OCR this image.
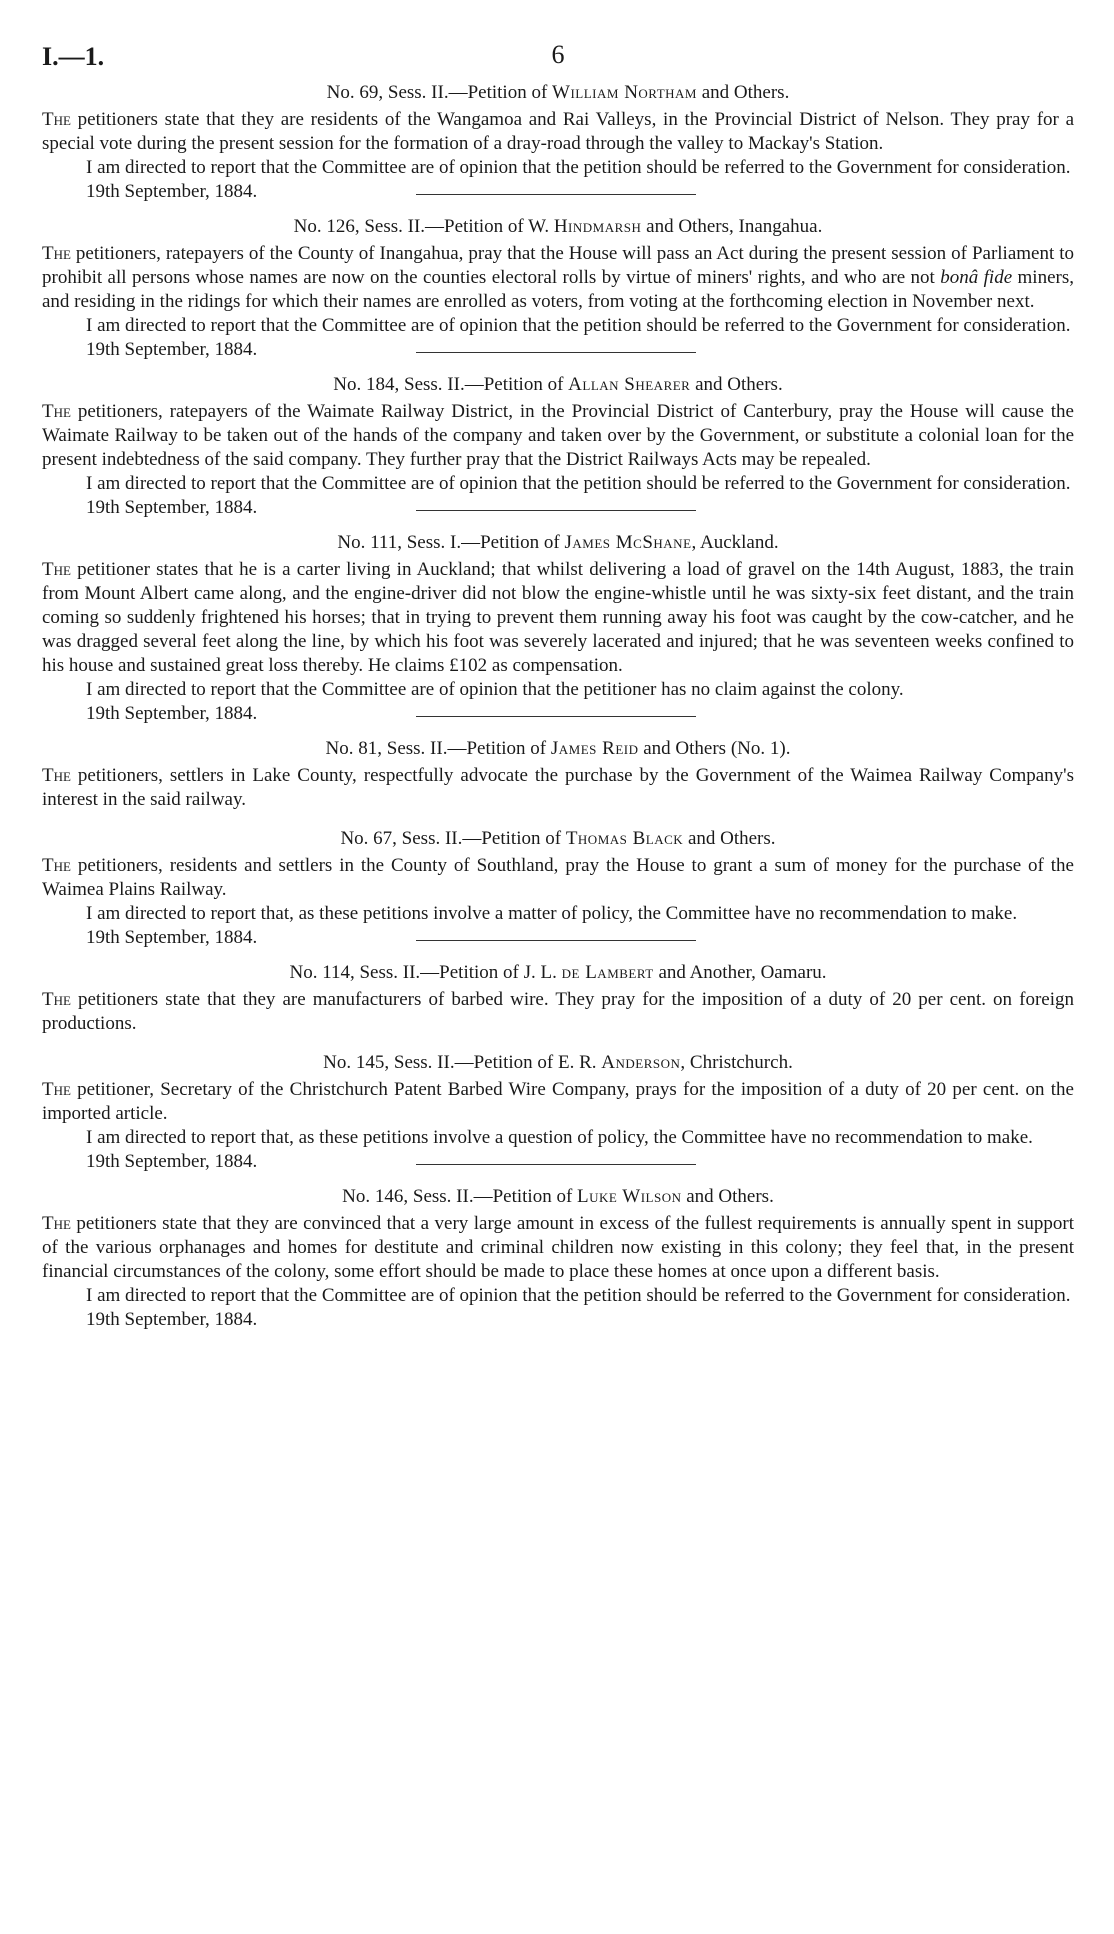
I.—1.	6
No. 69, Sess. II.—Petition of William Northam and Others.

The petitioners state that they are residents of the Wangamoa and Rai Valleys, in the Provincial District of Nelson. They pray for a special vote during the present session for the formation of a dray-road through the valley to Mackay's Station.

I am directed to report that the Committee are of opinion that the petition should be referred to the Government for consideration.

19th September, 1884.
No. 126, Sess. II.—Petition of W. Hindmarsh and Others, Inangahua.

The petitioners, ratepayers of the County of Inangahua, pray that the House will pass an Act during the present session of Parliament to prohibit all persons whose names are now on the counties electoral rolls by virtue of miners' rights, and who are not bonâ fide miners, and residing in the ridings for which their names are enrolled as voters, from voting at the forthcoming election in November next.

I am directed to report that the Committee are of opinion that the petition should be referred to the Government for consideration.

19th September, 1884.
No. 184, Sess. II.—Petition of Allan Shearer and Others.

The petitioners, ratepayers of the Waimate Railway District, in the Provincial District of Canterbury, pray the House will cause the Waimate Railway to be taken out of the hands of the company and taken over by the Government, or substitute a colonial loan for the present indebtedness of the said company. They further pray that the District Railways Acts may be repealed.

I am directed to report that the Committee are of opinion that the petition should be referred to the Government for consideration.

19th September, 1884.
No. 111, Sess. I.—Petition of James McShane, Auckland.

The petitioner states that he is a carter living in Auckland; that whilst delivering a load of gravel on the 14th August, 1883, the train from Mount Albert came along, and the engine-driver did not blow the engine-whistle until he was sixty-six feet distant, and the train coming so suddenly frightened his horses; that in trying to prevent them running away his foot was caught by the cow-catcher, and he was dragged several feet along the line, by which his foot was severely lacerated and injured; that he was seventeen weeks confined to his house and sustained great loss thereby. He claims £102 as compensation.

I am directed to report that the Committee are of opinion that the petitioner has no claim against the colony.

19th September, 1884.
No. 81, Sess. II.—Petition of James Reid and Others (No. 1).

The petitioners, settlers in Lake County, respectfully advocate the purchase by the Government of the Waimea Railway Company's interest in the said railway.

No. 67, Sess. II.—Petition of Thomas Black and Others.

The petitioners, residents and settlers in the County of Southland, pray the House to grant a sum of money for the purchase of the Waimea Plains Railway.

I am directed to report that, as these petitions involve a matter of policy, the Committee have no recommendation to make.

19th September, 1884.
No. 114, Sess. II.—Petition of J. L. de Lambert and Another, Oamaru.

The petitioners state that they are manufacturers of barbed wire. They pray for the imposition of a duty of 20 per cent. on foreign productions.

No. 145, Sess. II.—Petition of E. R. Anderson, Christchurch.

The petitioner, Secretary of the Christchurch Patent Barbed Wire Company, prays for the imposition of a duty of 20 per cent. on the imported article.

I am directed to report that, as these petitions involve a question of policy, the Committee have no recommendation to make.

19th September, 1884.
No. 146, Sess. II.—Petition of Luke Wilson and Others.

The petitioners state that they are convinced that a very large amount in excess of the fullest requirements is annually spent in support of the various orphanages and homes for destitute and criminal children now existing in this colony; they feel that, in the present financial circumstances of the colony, some effort should be made to place these homes at once upon a different basis.

I am directed to report that the Committee are of opinion that the petition should be referred to the Government for consideration.

19th September, 1884.
